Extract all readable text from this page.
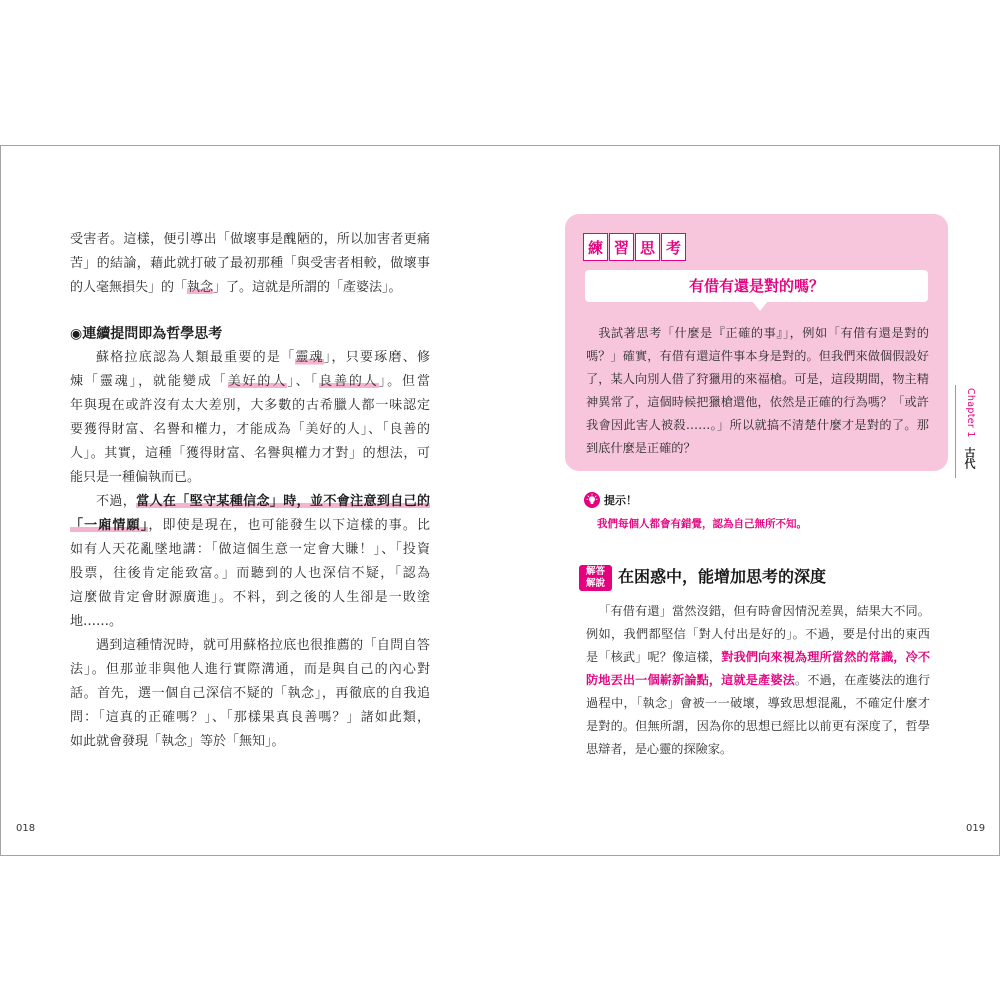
受害者。這樣，便引導出「做壞事是醜陋的，所以加害者更痛
苦」的結論，藉此就打破了最初那種「與受害者相較，做壞事
的人毫無損失」的「執念」了。這就是所謂的「產婆法」。
◉連續提問即為哲學思考
蘇格拉底認為人類最重要的是「靈魂」，只要琢磨、修
煉「靈魂」，就能變成「美好的人」、「良善的人」。但當
年與現在或許沒有太大差別，大多數的古希臘人都一味認定
要獲得財富、名譽和權力，才能成為「美好的人」、「良善的
人」。其實，這種「獲得財富、名譽與權力才對」的想法，可
能只是一種偏執而已。
不過，當人在「堅守某種信念」時，並不會注意到自己的
「一廂情願」，即使是現在，也可能發生以下這樣的事。比
如有人天花亂墜地講：「做這個生意一定會大賺！」、「投資
股票，往後肯定能致富。」而聽到的人也深信不疑，「認為
這麼做肯定會財源廣進」。不料，到之後的人生卻是一敗塗
地……。
遇到這種情況時，就可用蘇格拉底也很推薦的「自問自答
法」。但那並非與他人進行實際溝通，而是與自己的內心對
話。首先，選一個自己深信不疑的「執念」，再徹底的自我追
問：「這真的正確嗎？」、「那樣果真良善嗎？」諸如此類，
如此就會發現「執念」等於「無知」。
018
練 習 思 考
有借有還是對的嗎？
我試著思考「什麼是『正確的事』」，例如「有借有還是對的
嗎？」確實，有借有還這件事本身是對的。但我們來做個假設好
了，某人向別人借了狩獵用的來福槍。可是，這段期間，物主精
神異常了，這個時候把獵槍還他，依然是正確的行為嗎？「或許
我會因此害人被殺……。」所以就搞不清楚什麼才是對的了。那
到底什麼是正確的？
提示！
我們每個人都會有錯覺，認為自己無所不知。
解答
解說 在困惑中，能增加思考的深度
「有借有還」當然沒錯，但有時會因情況差異，結果大不同。
例如，我們都堅信「對人付出是好的」。不過，要是付出的東西
是「核武」呢？像這樣，對我們向來視為理所當然的常識，冷不
防地丟出一個嶄新論點，這就是產婆法。不過，在產婆法的進行
過程中，「執念」會被一一破壞，導致思想混亂，不確定什麼才
是對的。但無所謂，因為你的思想已經比以前更有深度了，哲學
思辯者，是心靈的探險家。
Chapter 1
古代
019
